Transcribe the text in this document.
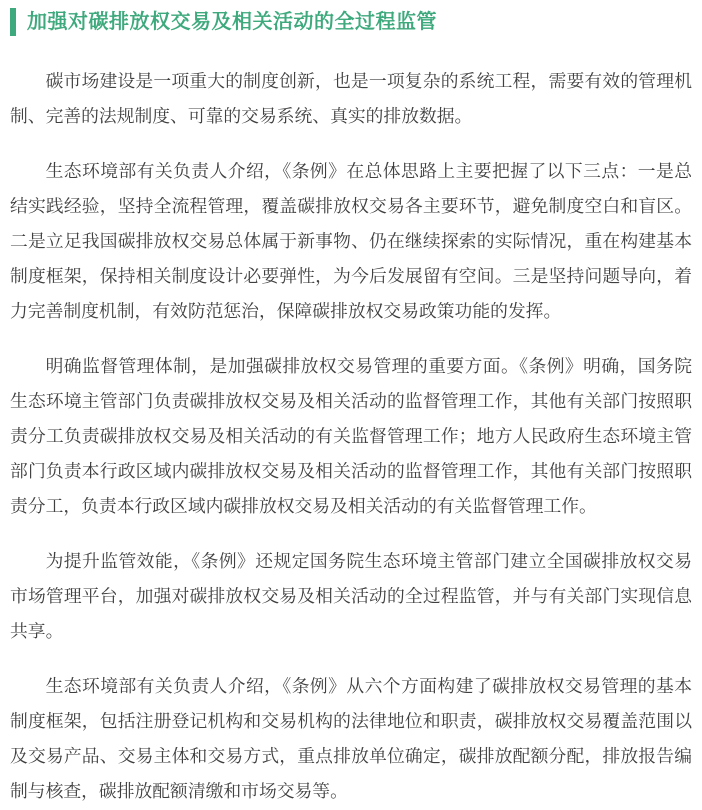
加强对碳排放权交易及相关活动的全过程监管

碳市场建设是一项重大的制度创新，也是一项复杂的系统工程，需要有效的管理机制、完善的法规制度、可靠的交易系统、真实的排放数据。

生态环境部有关负责人介绍，《条例》在总体思路上主要把握了以下三点：一是总结实践经验，坚持全流程管理，覆盖碳排放权交易各主要环节，避免制度空白和盲区。二是立足我国碳排放权交易总体属于新事物、仍在继续探索的实际情况，重在构建基本制度框架，保持相关制度设计必要弹性，为今后发展留有空间。三是坚持问题导向，着力完善制度机制，有效防范惩治，保障碳排放权交易政策功能的发挥。

明确监督管理体制，是加强碳排放权交易管理的重要方面。《条例》明确，国务院生态环境主管部门负责碳排放权交易及相关活动的监督管理工作，其他有关部门按照职责分工负责碳排放权交易及相关活动的有关监督管理工作；地方人民政府生态环境主管部门负责本行政区域内碳排放权交易及相关活动的监督管理工作，其他有关部门按照职责分工，负责本行政区域内碳排放权交易及相关活动的有关监督管理工作。

为提升监管效能，《条例》还规定国务院生态环境主管部门建立全国碳排放权交易市场管理平台，加强对碳排放权交易及相关活动的全过程监管，并与有关部门实现信息共享。

生态环境部有关负责人介绍，《条例》从六个方面构建了碳排放权交易管理的基本制度框架，包括注册登记机构和交易机构的法律地位和职责，碳排放权交易覆盖范围以及交易产品、交易主体和交易方式，重点排放单位确定，碳排放配额分配，排放报告编制与核查，碳排放配额清缴和市场交易等。
